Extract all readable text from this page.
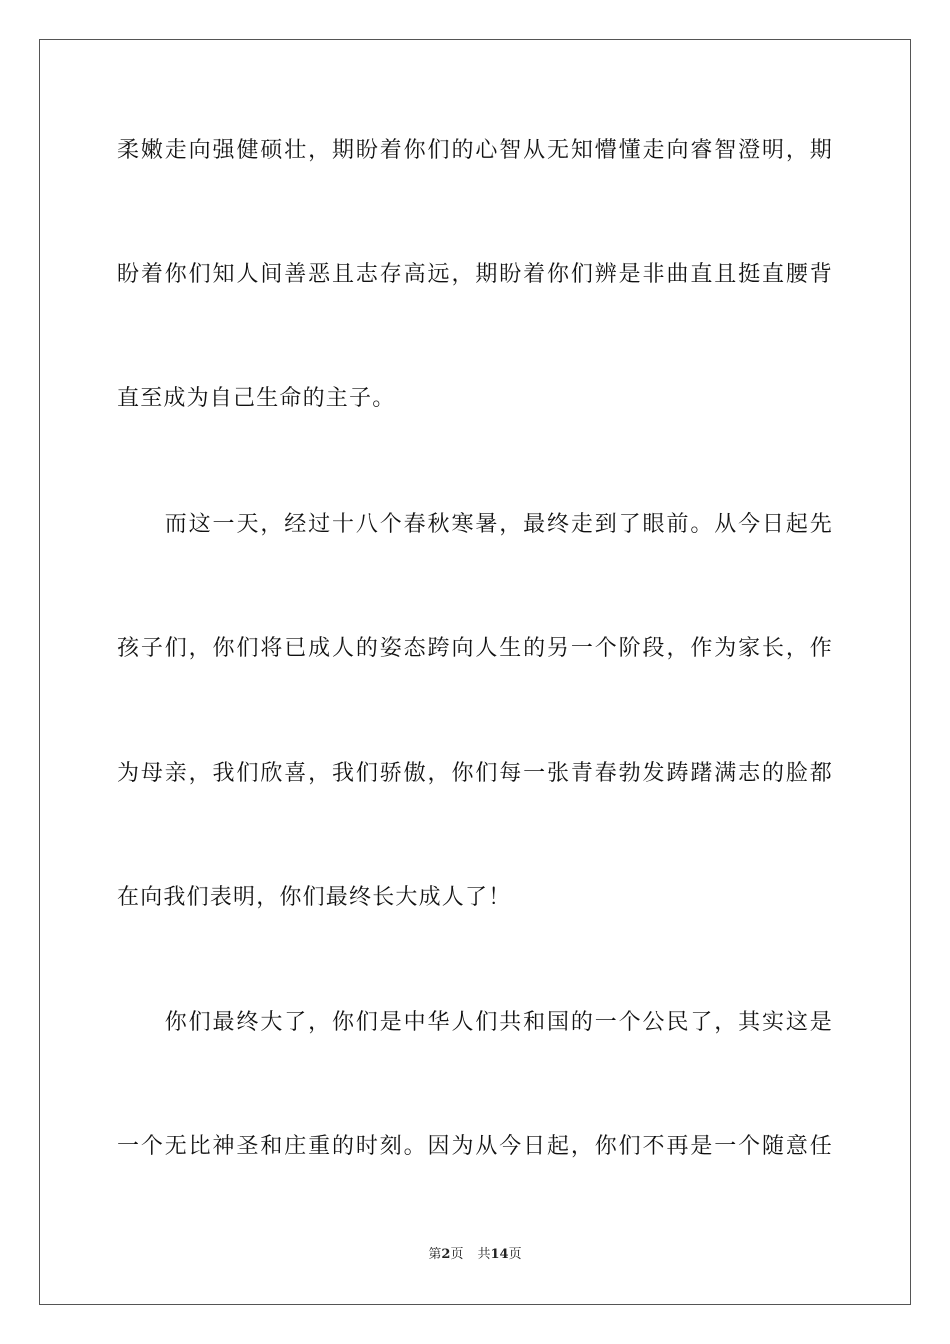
柔嫩走向强健硕壮，期盼着你们的心智从无知懵懂走向睿智澄明，期
盼着你们知人间善恶且志存高远，期盼着你们辨是非曲直且挺直腰背
直至成为自己生命的主子。
　　而这一天，经过十八个春秋寒暑，最终走到了眼前。从今日起先
孩子们，你们将已成人的姿态跨向人生的另一个阶段，作为家长，作
为母亲，我们欣喜，我们骄傲，你们每一张青春勃发踌躇满志的脸都
在向我们表明，你们最终长大成人了！
　　你们最终大了，你们是中华人们共和国的一个公民了，其实这是
一个无比神圣和庄重的时刻。因为从今日起，你们不再是一个随意任
第2页 共14页
